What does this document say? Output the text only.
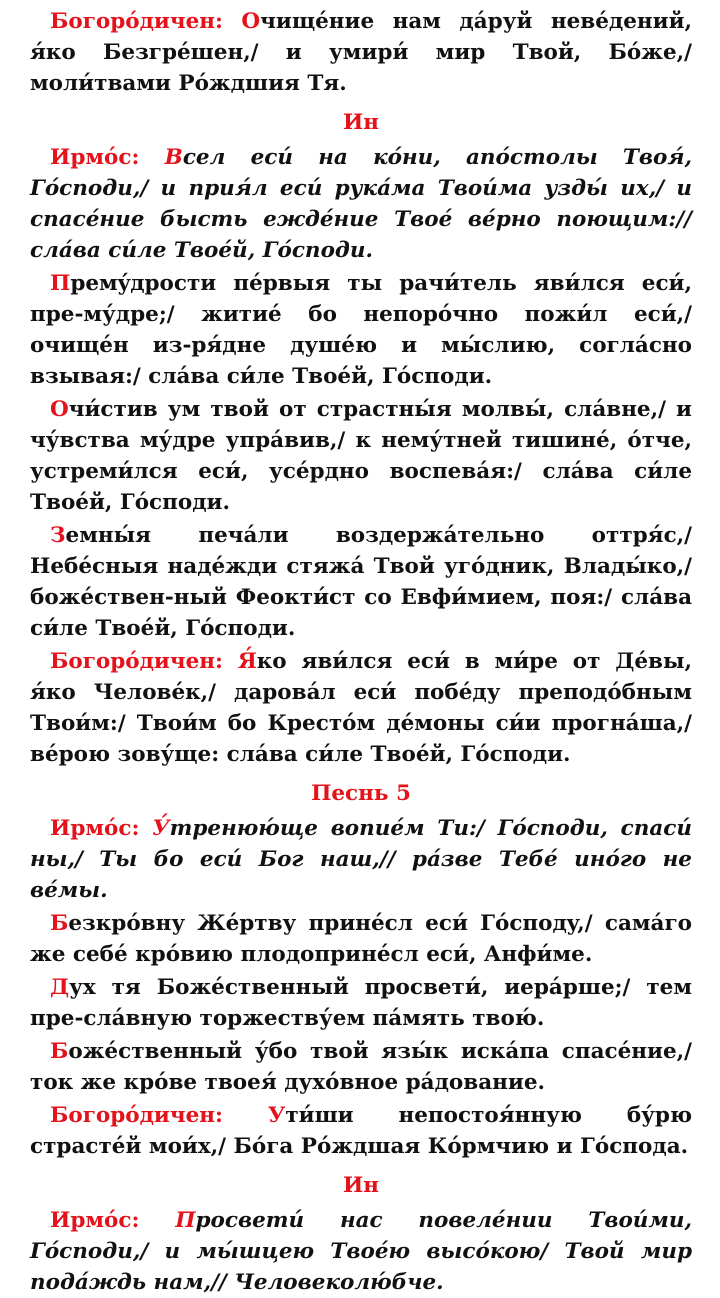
Богоро́дичен: Очище́ние нам да́руй неве́дений, я́ко Безгре́шен,/ и умири́ мир Твой, Бо́же,/ моли́твами Ро́ждшия Тя.

Ин

Ирмо́с: Всел еси́ на ко́ни, апо́столы Твоя́, Го́споди,/ и прия́л еси́ рука́ма Твои́ма узды́ их,/ и спасе́ние бысть ежде́ние Твое́ ве́рно поющим:// сла́ва си́ле Твое́й, Го́споди.

Премýдрости пе́рвыя ты рачи́тель яви́лся еси́, пре-му́дре;/ житие́ бо непоро́чно пожи́л еси́,/ очище́н из-ря́дне душе́ю и мы́слию, согла́сно взывая:/ сла́ва си́ле Твое́й, Го́споди.

Очи́стив ум твой от страстны́я молвы́, сла́вне,/ и чу́вства му́дре упра́вив,/ к нему́тней тишине́, о́тче, устреми́лся еси́, усе́рдно воспева́я:/ сла́ва си́ле Твое́й, Го́споди.

Земны́я печа́ли воздержа́тельно оттря́с,/ Небе́сныя наде́жди стяжа́ Твой уго́дник, Влады́ко,/ боже́ствен-ный Феокти́ст со Евфи́мием, поя:/ сла́ва си́ле Твое́й, Го́споди.

Богоро́дичен: Я́ко яви́лся еси́ в ми́ре от Де́вы, я́ко Челове́к,/ дарова́л еси́ побе́ду преподо́бным Твои́м:/ Твои́м бо Кресто́м де́моны си́и прогна́ша,/ ве́рою зову́ще: сла́ва си́ле Твое́й, Го́споди.

Песнь 5

Ирмо́с: У́тренюю́ще вопие́м Ти:/ Го́споди, спаси́ ны,/ Ты бо еси́ Бог наш,// ра́зве Тебе́ ино́го не ве́мы.

Безкро́вну Же́ртву прине́сл еси́ Го́сподy,/ сама́го же себе́ кро́вию плодоприне́сл еси́, Анфи́ме.

Дух тя Боже́ственный просвети́, иера́рше;/ тем пре-сла́вную торжеству́ем па́мять твою́.

Боже́ственный у́бо твой язы́к иска́па спасе́ние,/ ток же кро́ве твоея́ духо́вное ра́дование.

Богоро́дичен: Ути́ши непостоя́нную бу́рю страсте́й мои́х,/ Бо́га Ро́ждшая Ко́рмчию и Го́спода.

Ин

Ирмо́с: Просвети́ нас повеле́нии Твои́ми, Го́споди,/ и мы́шцею Твое́ю высо́кою/ Твой мир пода́ждь нам,// Человеколю́бче.
